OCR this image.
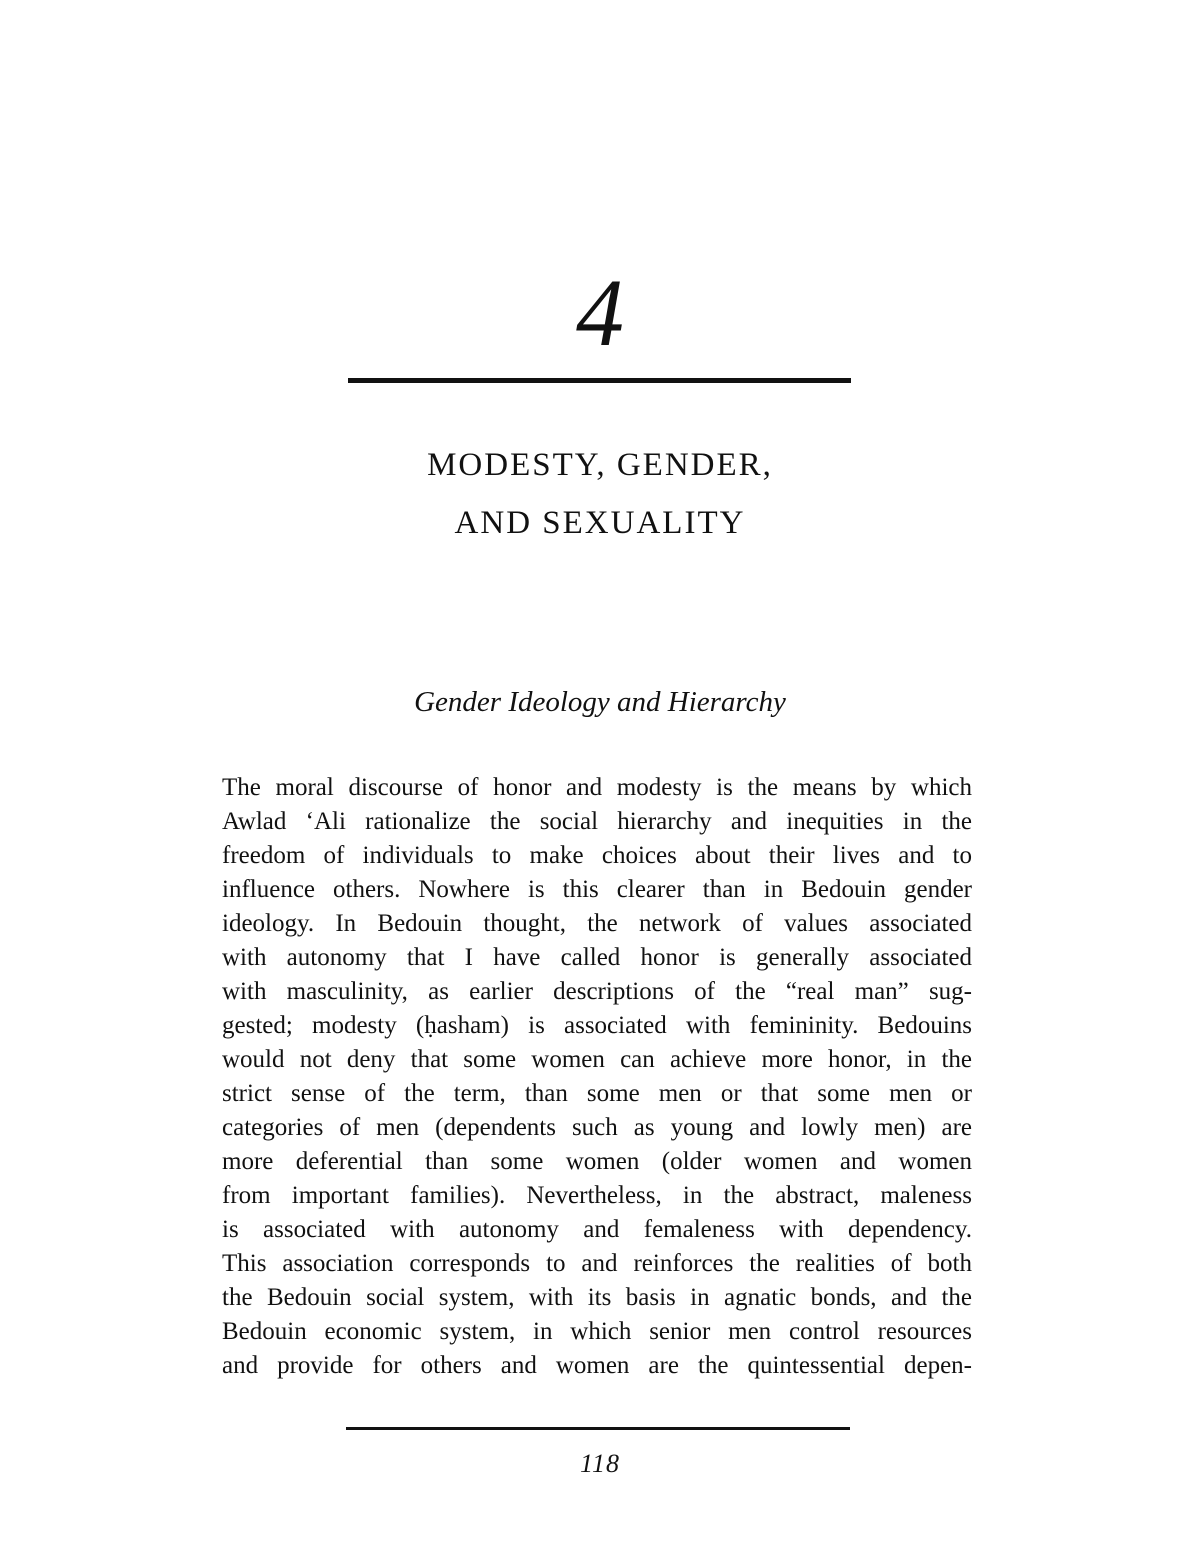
4
MODESTY, GENDER,
AND SEXUALITY
Gender Ideology and Hierarchy
The moral discourse of honor and modesty is the means by which
Awlad ‘Ali rationalize the social hierarchy and inequities in the
freedom of individuals to make choices about their lives and to
influence others. Nowhere is this clearer than in Bedouin gender
ideology. In Bedouin thought, the network of values associated
with autonomy that I have called honor is generally associated
with masculinity, as earlier descriptions of the “real man” sug-
gested; modesty (ḥasham) is associated with femininity. Bedouins
would not deny that some women can achieve more honor, in the
strict sense of the term, than some men or that some men or
categories of men (dependents such as young and lowly men) are
more deferential than some women (older women and women
from important families). Nevertheless, in the abstract, maleness
is associated with autonomy and femaleness with dependency.
This association corresponds to and reinforces the realities of both
the Bedouin social system, with its basis in agnatic bonds, and the
Bedouin economic system, in which senior men control resources
and provide for others and women are the quintessential depen-
118
